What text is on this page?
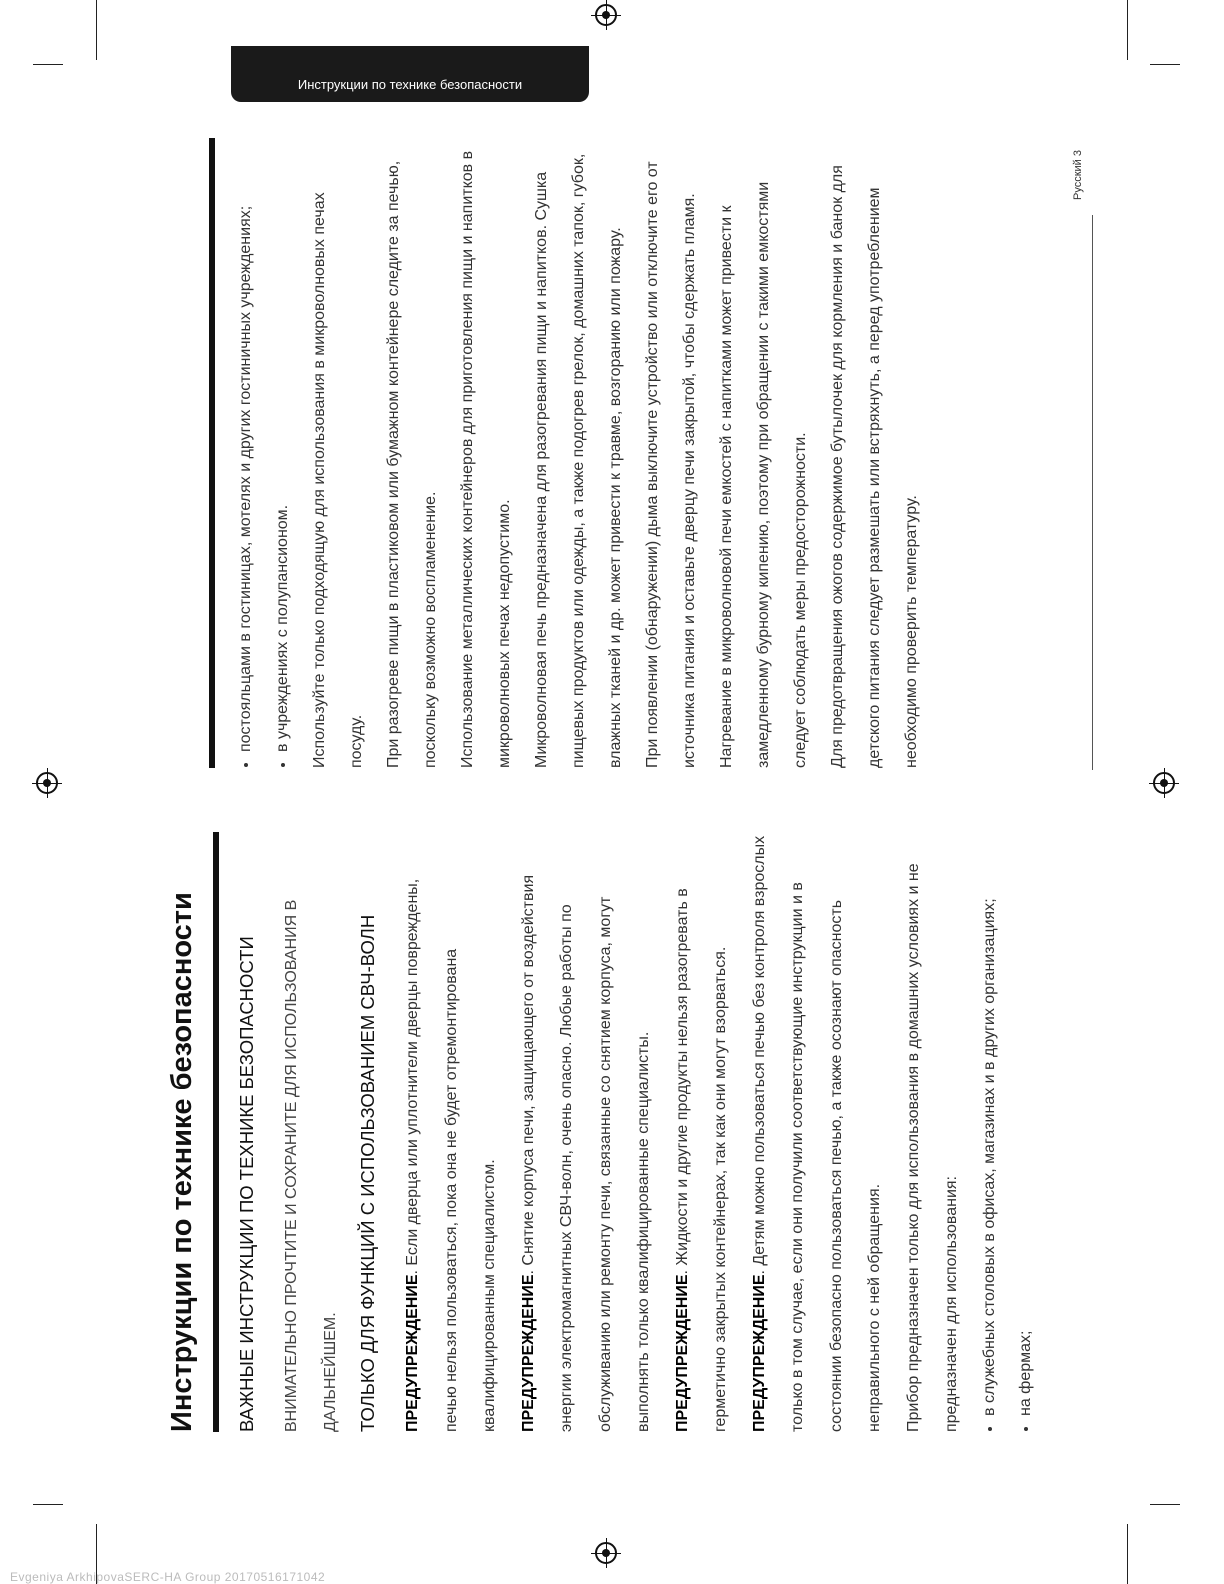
Инструкции по технике безопасности
Инструкции по технике безопасности ВАЖНЫЕ ИНСТРУКЦИИ ПО ТЕХНИКЕ БЕЗОПАСНОСТИ	ВНИМАТЕЛЬНО ПРОЧТИТЕ И СОХРАНИТЕ ДЛЯ ИСПОЛЬЗОВАНИЯ В ДАЛЬНЕЙШЕМ.	ТОЛЬКО ДЛЯ ФУНКЦИЙ С ИСПОЛЬЗОВАНИЕМ СВЧ-ВОЛН	ПРЕДУПРЕЖДЕНИЕ. Если дверца или уплотнители дверцы повреждены, печью нельзя пользоваться, пока она не будет отремонтирована квалифицированным специалистом.	ПРЕДУПРЕЖДЕНИЕ. Снятие корпуса печи, защищающего от воздействия энергии электромагнитных СВЧ-волн, очень опасно. Любые работы по обслуживанию или ремонту печи, связанные со снятием корпуса, могут выполнять только квалифицированные специалисты.	ПРЕДУПРЕЖДЕНИЕ. Жидкости и другие продукты нельзя разогревать в герметично закрытых контейнерах, так как они могут взорваться.	ПРЕДУПРЕЖДЕНИЕ. Детям можно пользоваться печью без контроля взрослых только в том случае, если они получили соответствующие инструкции и в состоянии безопасно пользоваться печью, а также осознают опасность неправильного с ней обращения.	Прибор предназначен только для использования в домашних условиях и не предназначен для использования:	• в служебных столовых в офисах, магазинах и в других организациях;	• на фермах;
• постояльцами в гостиницах, мотелях и других гостиничных учреждениях;	• в учреждениях с полупансионом.	Используйте только подходящую для использования в микроволновых печах посуду.	При разогреве пищи в пластиковом или бумажном контейнере следите за печью, поскольку возможно воспламенение.	Использование металлических контейнеров для приготовления пищи и напитков в микроволновых печах недопустимо.	Микроволновая печь предназначена для разогревания пищи и напитков. Сушка пищевых продуктов или одежды, а также подогрев грелок, домашних тапок, губок, влажных тканей и др. может привести к травме, возгоранию или пожару.	При появлении (обнаружении) дыма выключите устройство или отключите его от источника питания и оставьте дверцу печи закрытой, чтобы сдержать пламя.	Нагревание в микроволновой печи емкостей с напитками может привести к замедленному бурному кипению, поэтому при обращении с такими емкостями следует соблюдать меры предосторожности.	Для предотвращения ожогов содержимое бутылочек для кормления и банок для детского питания следует размешать или встряхнуть, а перед употреблением необходимо проверить температуру.

Русский 3
Evgeniya ArkhipovaSERC-HA Group 20170516171042
